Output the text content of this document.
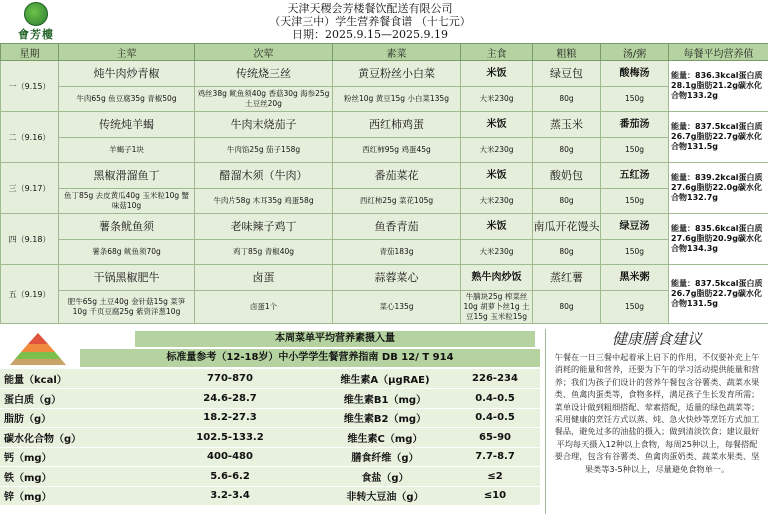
會芳樓
天津天稷会芳楼餐饮配送有限公司
（天津三中）学生营养餐食谱 （十七元）
日期：2025.9.15—2025.9.19
星期	主荤	次荤	素菜	主食	粗粮	汤/粥	每餐平均营养值
一（9.15）	炖牛肉炒青椒	传统烧三丝	黄豆粉丝小白菜	米饭	绿豆包	酸梅汤	能量：836.3kcal蛋白质28.1g脂肪21.2g碳水化合物133.2g
	牛肉65g 鱼豆腐35g 青椒50g	鸡丝38g 鱿鱼须40g 香菇30g 海参25g 土豆丝20g	粉丝10g 黄豆15g 小白菜135g	大米230g	80g	150g	
二（9.16）	传统炖羊蝎	牛肉末烧茄子	西红柿鸡蛋	米饭	蒸玉米	番茄汤	能量：837.5kcal蛋白质26.7g脂肪22.7g碳水化合物131.5g
	羊蝎子1块	牛肉馅25g 茄子158g	西红柿95g 鸡蛋45g	大米230g	80g	150g	
三（9.17）	黑椒滑溜鱼丁	醋溜木须（牛肉）	番茄菜花	米饭	酸奶包	五红汤	能量：839.2kcal蛋白质27.6g脂肪22.0g碳水化合物132.7g
	鱼丁85g 去皮黄瓜40g 玉米粒10g 蟹味菇10g	牛肉片58g 木耳35g 鸡蛋58g	西红柿25g 菜花105g	大米230g	80g	150g	
四（9.18）	薯条鱿鱼须	老味辣子鸡丁	鱼香青茄	米饭	南瓜开花馒头	绿豆汤	能量：835.6kcal蛋白质27.6g脂肪20.9g碳水化合物134.3g
	薯条68g 鱿鱼须70g	鸡丁85g 青椒40g	青茄183g	大米230g	80g	150g	
五（9.19）	干锅黑椒肥牛	卤蛋	蒜蓉菜心	熟牛肉炒饭	蒸红薯	黑米粥	能量：837.5kcal蛋白质26.7g脂肪22.7g碳水化合物131.5g
	肥牛65g 土豆40g 金针菇15g 菜笋10g 千页豆腐25g 紫资洋葱10g	卤蛋1个	菜心135g	牛腩块25g 榨菜丝10g 胡萝卜丝1g 土豆15g 玉米粒15g	80g	150g	
本周菜单平均营养素摄入量
标准量参考（12-18岁）中小学学生餐营养指南 DB 12/ T 914
能量（kcal）	770-870	维生素A（μgRAE)	226-234
蛋白质（g）	24.6-28.7	维生素B1（mg）	0.4-0.5
脂肪（g）	18.2-27.3	维生素B2（mg）	0.4-0.5
碳水化合物（g）	102.5-133.2	维生素C（mg）	65-90
钙（mg）	400-480	膳食纤维（g）	7.7-8.7
铁（mg）	5.6-6.2	食盐（g）	≤2
锌（mg）	3.2-3.4	非转大豆油（g）	≤10
健康膳食建议
午餐在一日三餐中起着承上启下的作用，不仅要补充上午消耗的能量和营养，还要为下午的学习活动提供能量和营养；我们为孩子们设计的营养午餐包含谷薯类、蔬菜水果类、鱼禽肉蛋类等，食物多样，满足孩子生长发育所需；菜单设计做到粗细搭配、荤素搭配，适量的绿色蔬菜等；采用健康的烹饪方式以蒸、炖、急火快炒等烹饪方式加工餐品，避免过多的油盐的摄入；做到清淡饮食；建议最好平均每天摄入12种以上食物，每周25种以上，每餐搭配要合理，包含有谷薯类、鱼禽肉蛋奶类、蔬菜水果类、坚果类等3-5种以上，尽量避免食物单一。
